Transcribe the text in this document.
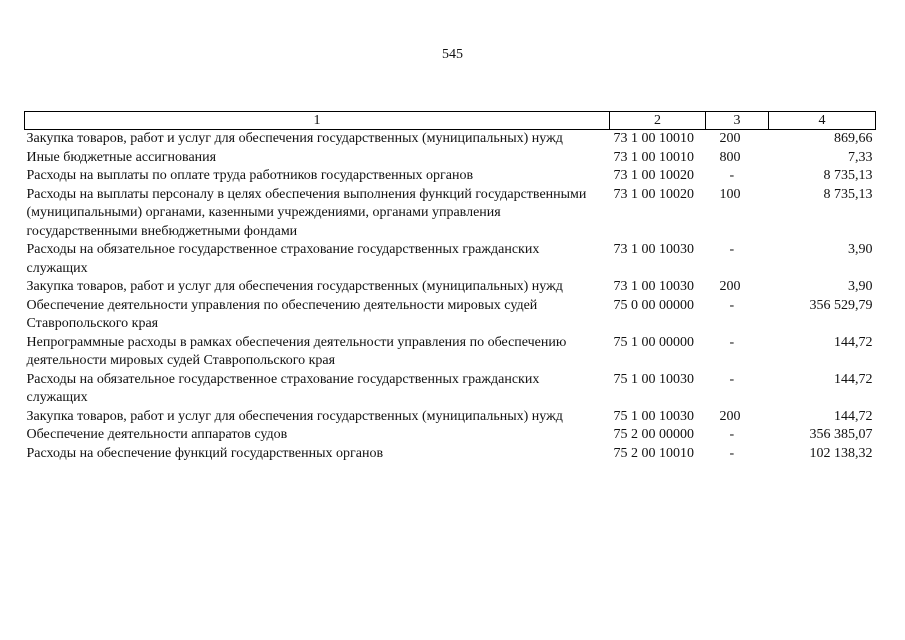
545
1	2	3	4
Закупка товаров, работ и услуг для обеспечения государственных (муниципальных) нужд	73 1 00 10010	200	869,66
Иные бюджетные ассигнования	73 1 00 10010	800	7,33
Расходы на выплаты по оплате труда работников государственных органов	73 1 00 10020	-	8 735,13
Расходы на выплаты персоналу в целях обеспечения выполнения функций государственными (муниципальными) органами, казенными учреждениями, органами управления государственными внебюджетными фондами	73 1 00 10020	100	8 735,13
Расходы на обязательное государственное страхование государственных гражданских служащих	73 1 00 10030	-	3,90
Закупка товаров, работ и услуг для обеспечения государственных (муниципальных) нужд	73 1 00 10030	200	3,90
Обеспечение деятельности управления по обеспечению деятельности мировых судей Ставропольского края	75 0 00 00000	-	356 529,79
Непрограммные расходы в рамках обеспечения деятельности управления по обеспечению деятельности мировых судей Ставропольского края	75 1 00 00000	-	144,72
Расходы на обязательное государственное страхование государственных гражданских служащих	75 1 00 10030	-	144,72
Закупка товаров, работ и услуг для обеспечения государственных (муниципальных) нужд	75 1 00 10030	200	144,72
Обеспечение деятельности аппаратов судов	75 2 00 00000	-	356 385,07
Расходы на обеспечение функций государственных органов	75 2 00 10010	-	102 138,32
